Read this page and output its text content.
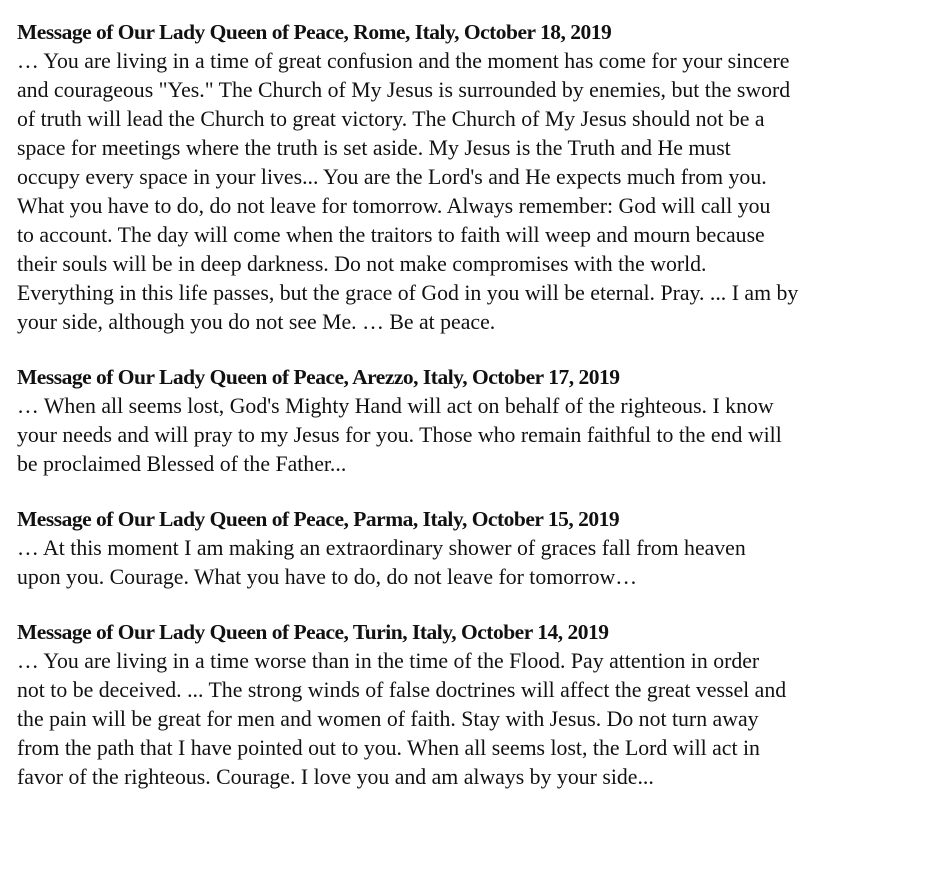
Message of Our Lady Queen of Peace, Rome, Italy, October 18, 2019

… You are living in a time of great confusion and the moment has come for your sincere
and courageous "Yes." The Church of My Jesus is surrounded by enemies, but the sword
of truth will lead the Church to great victory. The Church of My Jesus should not be a
space for meetings where the truth is set aside. My Jesus is the Truth and He must
occupy every space in your lives... You are the Lord's and He expects much from you.
What you have to do, do not leave for tomorrow. Always remember: God will call you
to account. The day will come when the traitors to faith will weep and mourn because
their souls will be in deep darkness. Do not make compromises with the world.
Everything in this life passes, but the grace of God in you will be eternal. Pray. ... I am by
your side, although you do not see Me. … Be at peace.

Message of Our Lady Queen of Peace, Arezzo, Italy, October 17, 2019

… When all seems lost, God's Mighty Hand will act on behalf of the righteous. I know
your needs and will pray to my Jesus for you. Those who remain faithful to the end will
be proclaimed Blessed of the Father...

Message of Our Lady Queen of Peace, Parma, Italy, October 15, 2019

… At this moment I am making an extraordinary shower of graces fall from heaven
upon you. Courage. What you have to do, do not leave for tomorrow…

Message of Our Lady Queen of Peace, Turin, Italy, October 14, 2019

… You are living in a time worse than in the time of the Flood. Pay attention in order
not to be deceived. ... The strong winds of false doctrines will affect the great vessel and
the pain will be great for men and women of faith. Stay with Jesus. Do not turn away
from the path that I have pointed out to you. When all seems lost, the Lord will act in
favor of the righteous. Courage. I love you and am always by your side...
